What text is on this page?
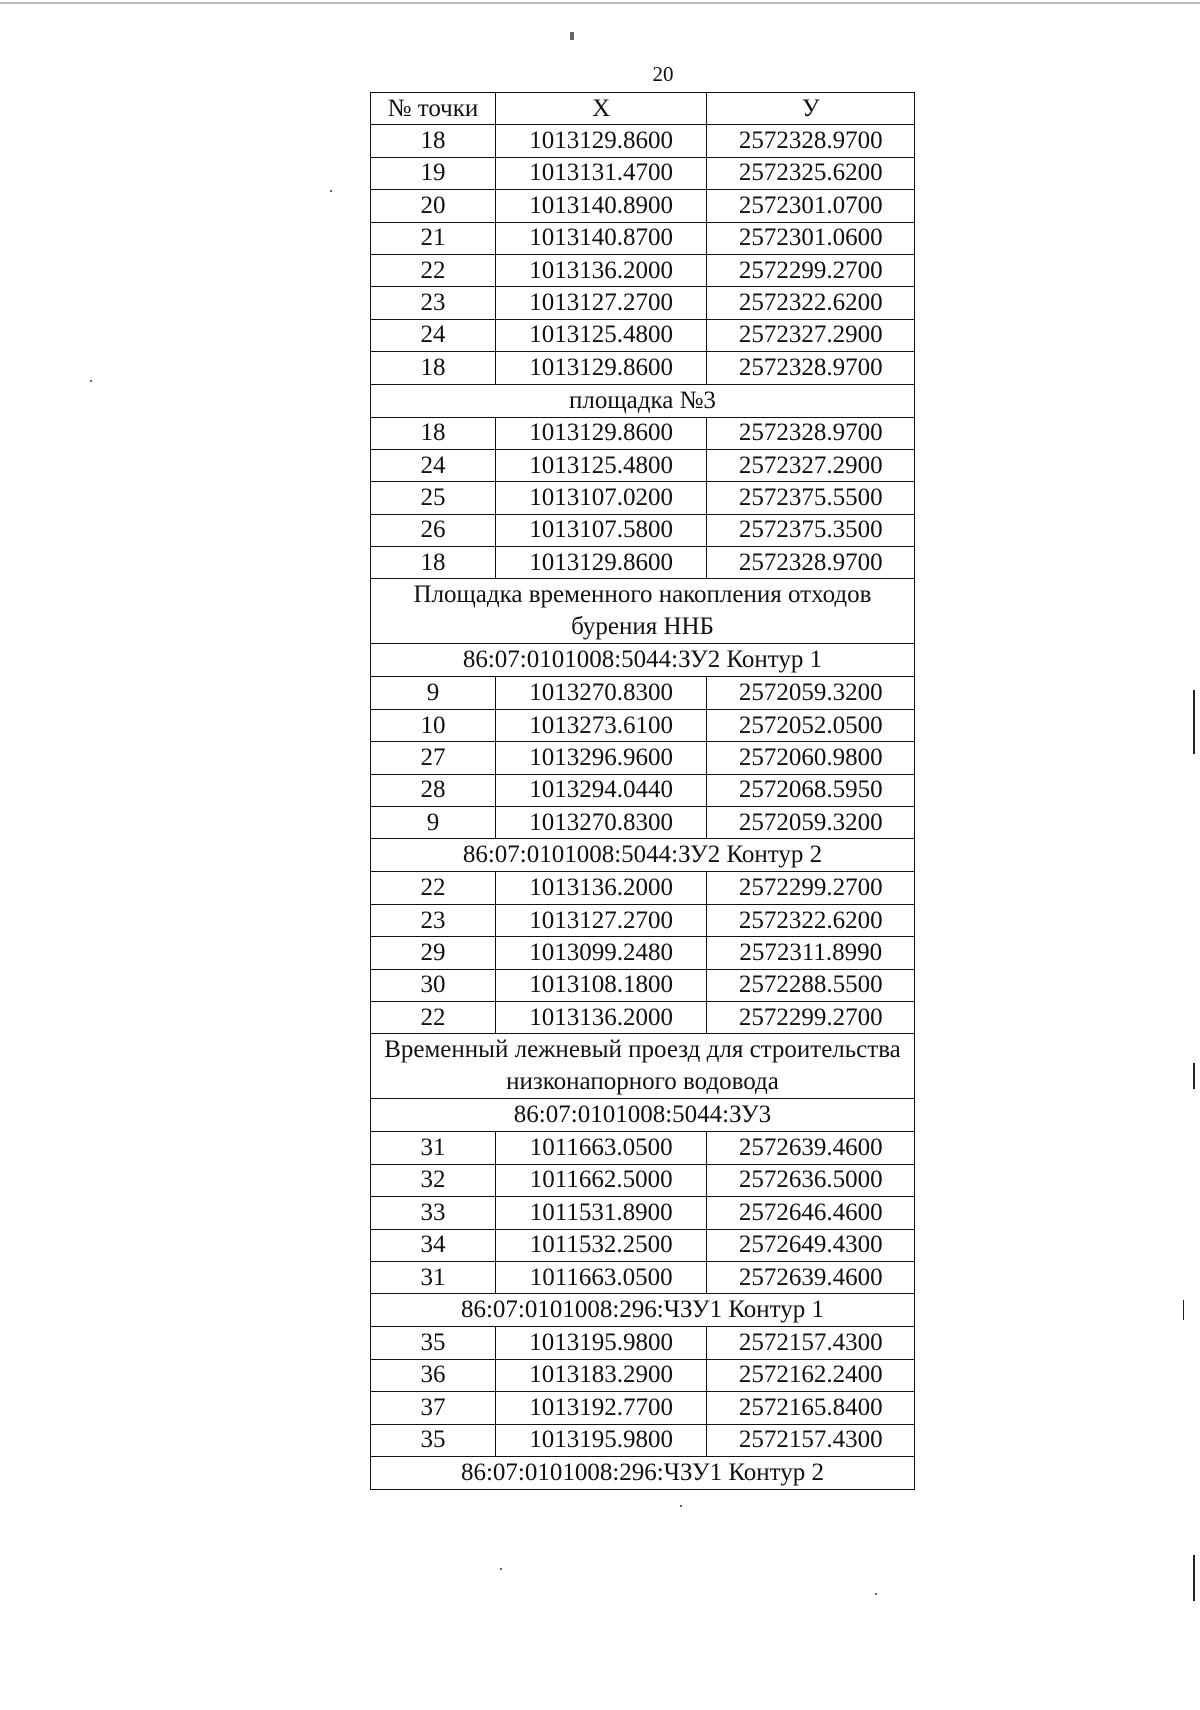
20
№ точки	X	У
18	1013129.8600	2572328.9700
19	1013131.4700	2572325.6200
20	1013140.8900	2572301.0700
21	1013140.8700	2572301.0600
22	1013136.2000	2572299.2700
23	1013127.2700	2572322.6200
24	1013125.4800	2572327.2900
18	1013129.8600	2572328.9700
площадка №3		
18	1013129.8600	2572328.9700
24	1013125.4800	2572327.2900
25	1013107.0200	2572375.5500
26	1013107.5800	2572375.3500
18	1013129.8600	2572328.9700
Площадка временного накопления отходов бурения ННБ		
86:07:0101008:5044:ЗУ2 Контур 1		
9	1013270.8300	2572059.3200
10	1013273.6100	2572052.0500
27	1013296.9600	2572060.9800
28	1013294.0440	2572068.5950
9	1013270.8300	2572059.3200
86:07:0101008:5044:ЗУ2 Контур 2		
22	1013136.2000	2572299.2700
23	1013127.2700	2572322.6200
29	1013099.2480	2572311.8990
30	1013108.1800	2572288.5500
22	1013136.2000	2572299.2700
Временный лежневый проезд для строительства низконапорного водовода		
86:07:0101008:5044:ЗУ3		
31	1011663.0500	2572639.4600
32	1011662.5000	2572636.5000
33	1011531.8900	2572646.4600
34	1011532.2500	2572649.4300
31	1011663.0500	2572639.4600
86:07:0101008:296:ЧЗУ1 Контур 1		
35	1013195.9800	2572157.4300
36	1013183.2900	2572162.2400
37	1013192.7700	2572165.8400
35	1013195.9800	2572157.4300
86:07:0101008:296:ЧЗУ1 Контур 2		
